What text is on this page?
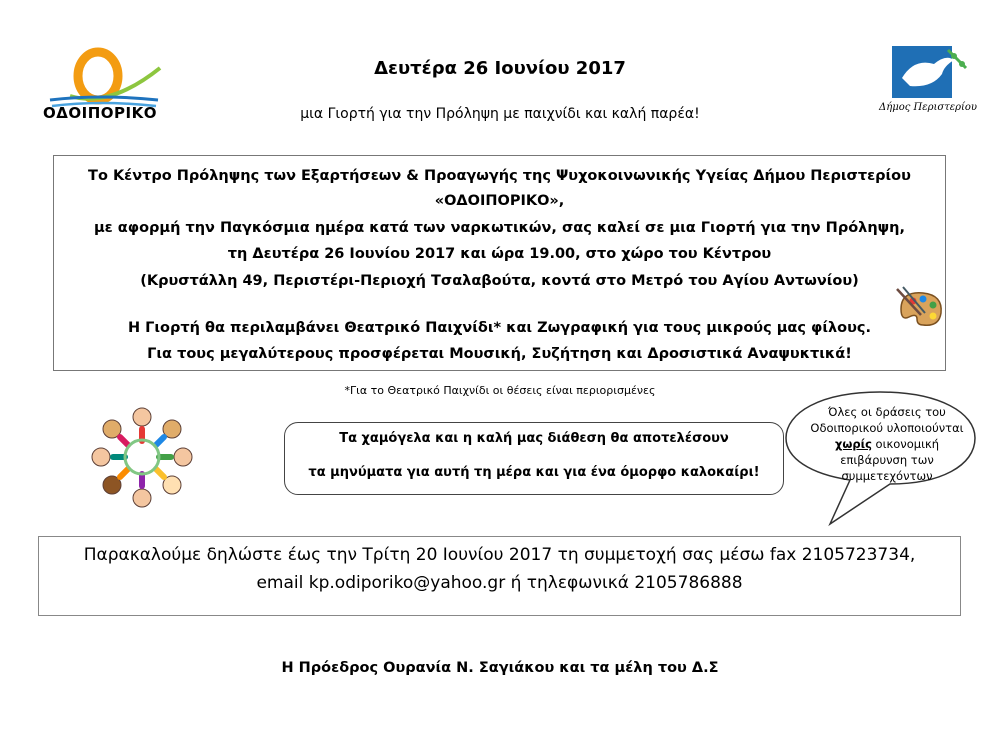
ΟΔΟΙΠΟΡΙΚΟ	Δήμος Περιστερίου
Δευτέρα 26 Ιουνίου 2017
μια Γιορτή για την Πρόληψη με παιχνίδι και καλή παρέα!
Το Κέντρο Πρόληψης των Εξαρτήσεων & Προαγωγής της Ψυχοκοινωνικής Υγείας Δήμου Περιστερίου
«ΟΔΟΙΠΟΡΙΚΟ»,
με αφορμή την Παγκόσμια ημέρα κατά των ναρκωτικών, σας καλεί σε μια Γιορτή για την Πρόληψη,
τη Δευτέρα 26 Ιουνίου 2017 και ώρα 19.00, στο χώρο του Κέντρου
(Κρυστάλλη 49, Περιστέρι-Περιοχή Τσαλαβούτα, κοντά στο Μετρό του Αγίου Αντωνίου)
Η Γιορτή θα περιλαμβάνει Θεατρικό Παιχνίδι* και Ζωγραφική για τους μικρούς μας φίλους.
Για τους μεγαλύτερους προσφέρεται Μουσική, Συζήτηση και Δροσιστικά Αναψυκτικά!
*Για το Θεατρικό Παιχνίδι οι θέσεις είναι περιορισμένες
Τα χαμόγελα και η καλή μας διάθεση θα αποτελέσουν
τα μηνύματα για αυτή τη μέρα και για ένα όμορφο καλοκαίρι!
Όλες οι δράσεις του
Οδοιπορικού υλοποιούνται
χωρίς οικονομική
επιβάρυνση των
συμμετεχόντων
Παρακαλούμε δηλώστε έως την Τρίτη 20 Ιουνίου 2017 τη συμμετοχή σας μέσω fax 2105723734,
email kp.odiporiko@yahoo.gr ή τηλεφωνικά 2105786888
Η Πρόεδρος Ουρανία Ν. Σαγιάκου και τα μέλη του Δ.Σ
